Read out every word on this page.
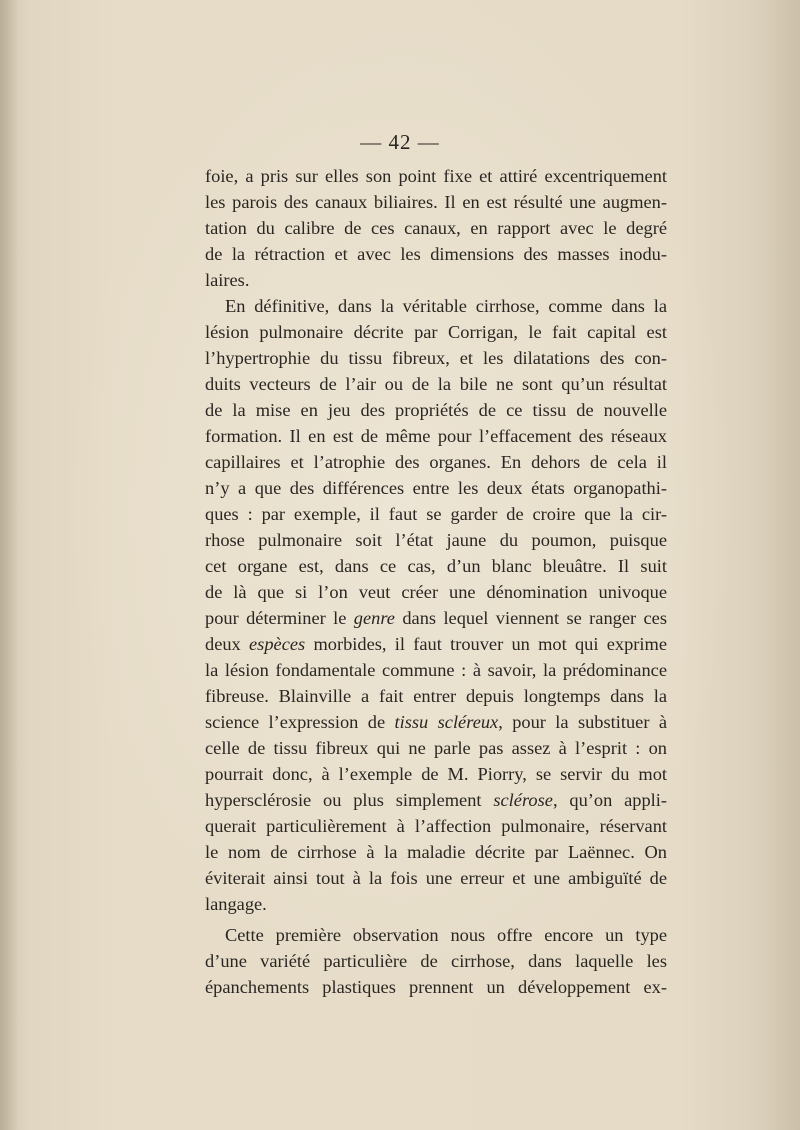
— 42 —
foie, a pris sur elles son point fixe et attiré excentriquement
les parois des canaux biliaires. Il en est résulté une augmen-
tation du calibre de ces canaux, en rapport avec le degré
de la rétraction et avec les dimensions des masses inodu-
laires.
En définitive, dans la véritable cirrhose, comme dans la
lésion pulmonaire décrite par Corrigan, le fait capital est
l’hypertrophie du tissu fibreux, et les dilatations des con-
duits vecteurs de l’air ou de la bile ne sont qu’un résultat
de la mise en jeu des propriétés de ce tissu de nouvelle
formation. Il en est de même pour l’effacement des réseaux
capillaires et l’atrophie des organes. En dehors de cela il
n’y a que des différences entre les deux états organopathi-
ques : par exemple, il faut se garder de croire que la cir-
rhose pulmonaire soit l’état jaune du poumon, puisque
cet organe est, dans ce cas, d’un blanc bleuâtre. Il suit
de là que si l’on veut créer une dénomination univoque
pour déterminer le genre dans lequel viennent se ranger ces
deux espèces morbides, il faut trouver un mot qui exprime
la lésion fondamentale commune : à savoir, la prédominance
fibreuse. Blainville a fait entrer depuis longtemps dans la
science l’expression de tissu scléreux, pour la substituer à
celle de tissu fibreux qui ne parle pas assez à l’esprit : on
pourrait donc, à l’exemple de M. Piorry, se servir du mot
hypersclérosie ou plus simplement sclérose, qu’on appli-
querait particulièrement à l’affection pulmonaire, réservant
le nom de cirrhose à la maladie décrite par Laënnec. On
éviterait ainsi tout à la fois une erreur et une ambiguïté de
langage.
Cette première observation nous offre encore un type
d’une variété particulière de cirrhose, dans laquelle les
épanchements plastiques prennent un développement ex-
